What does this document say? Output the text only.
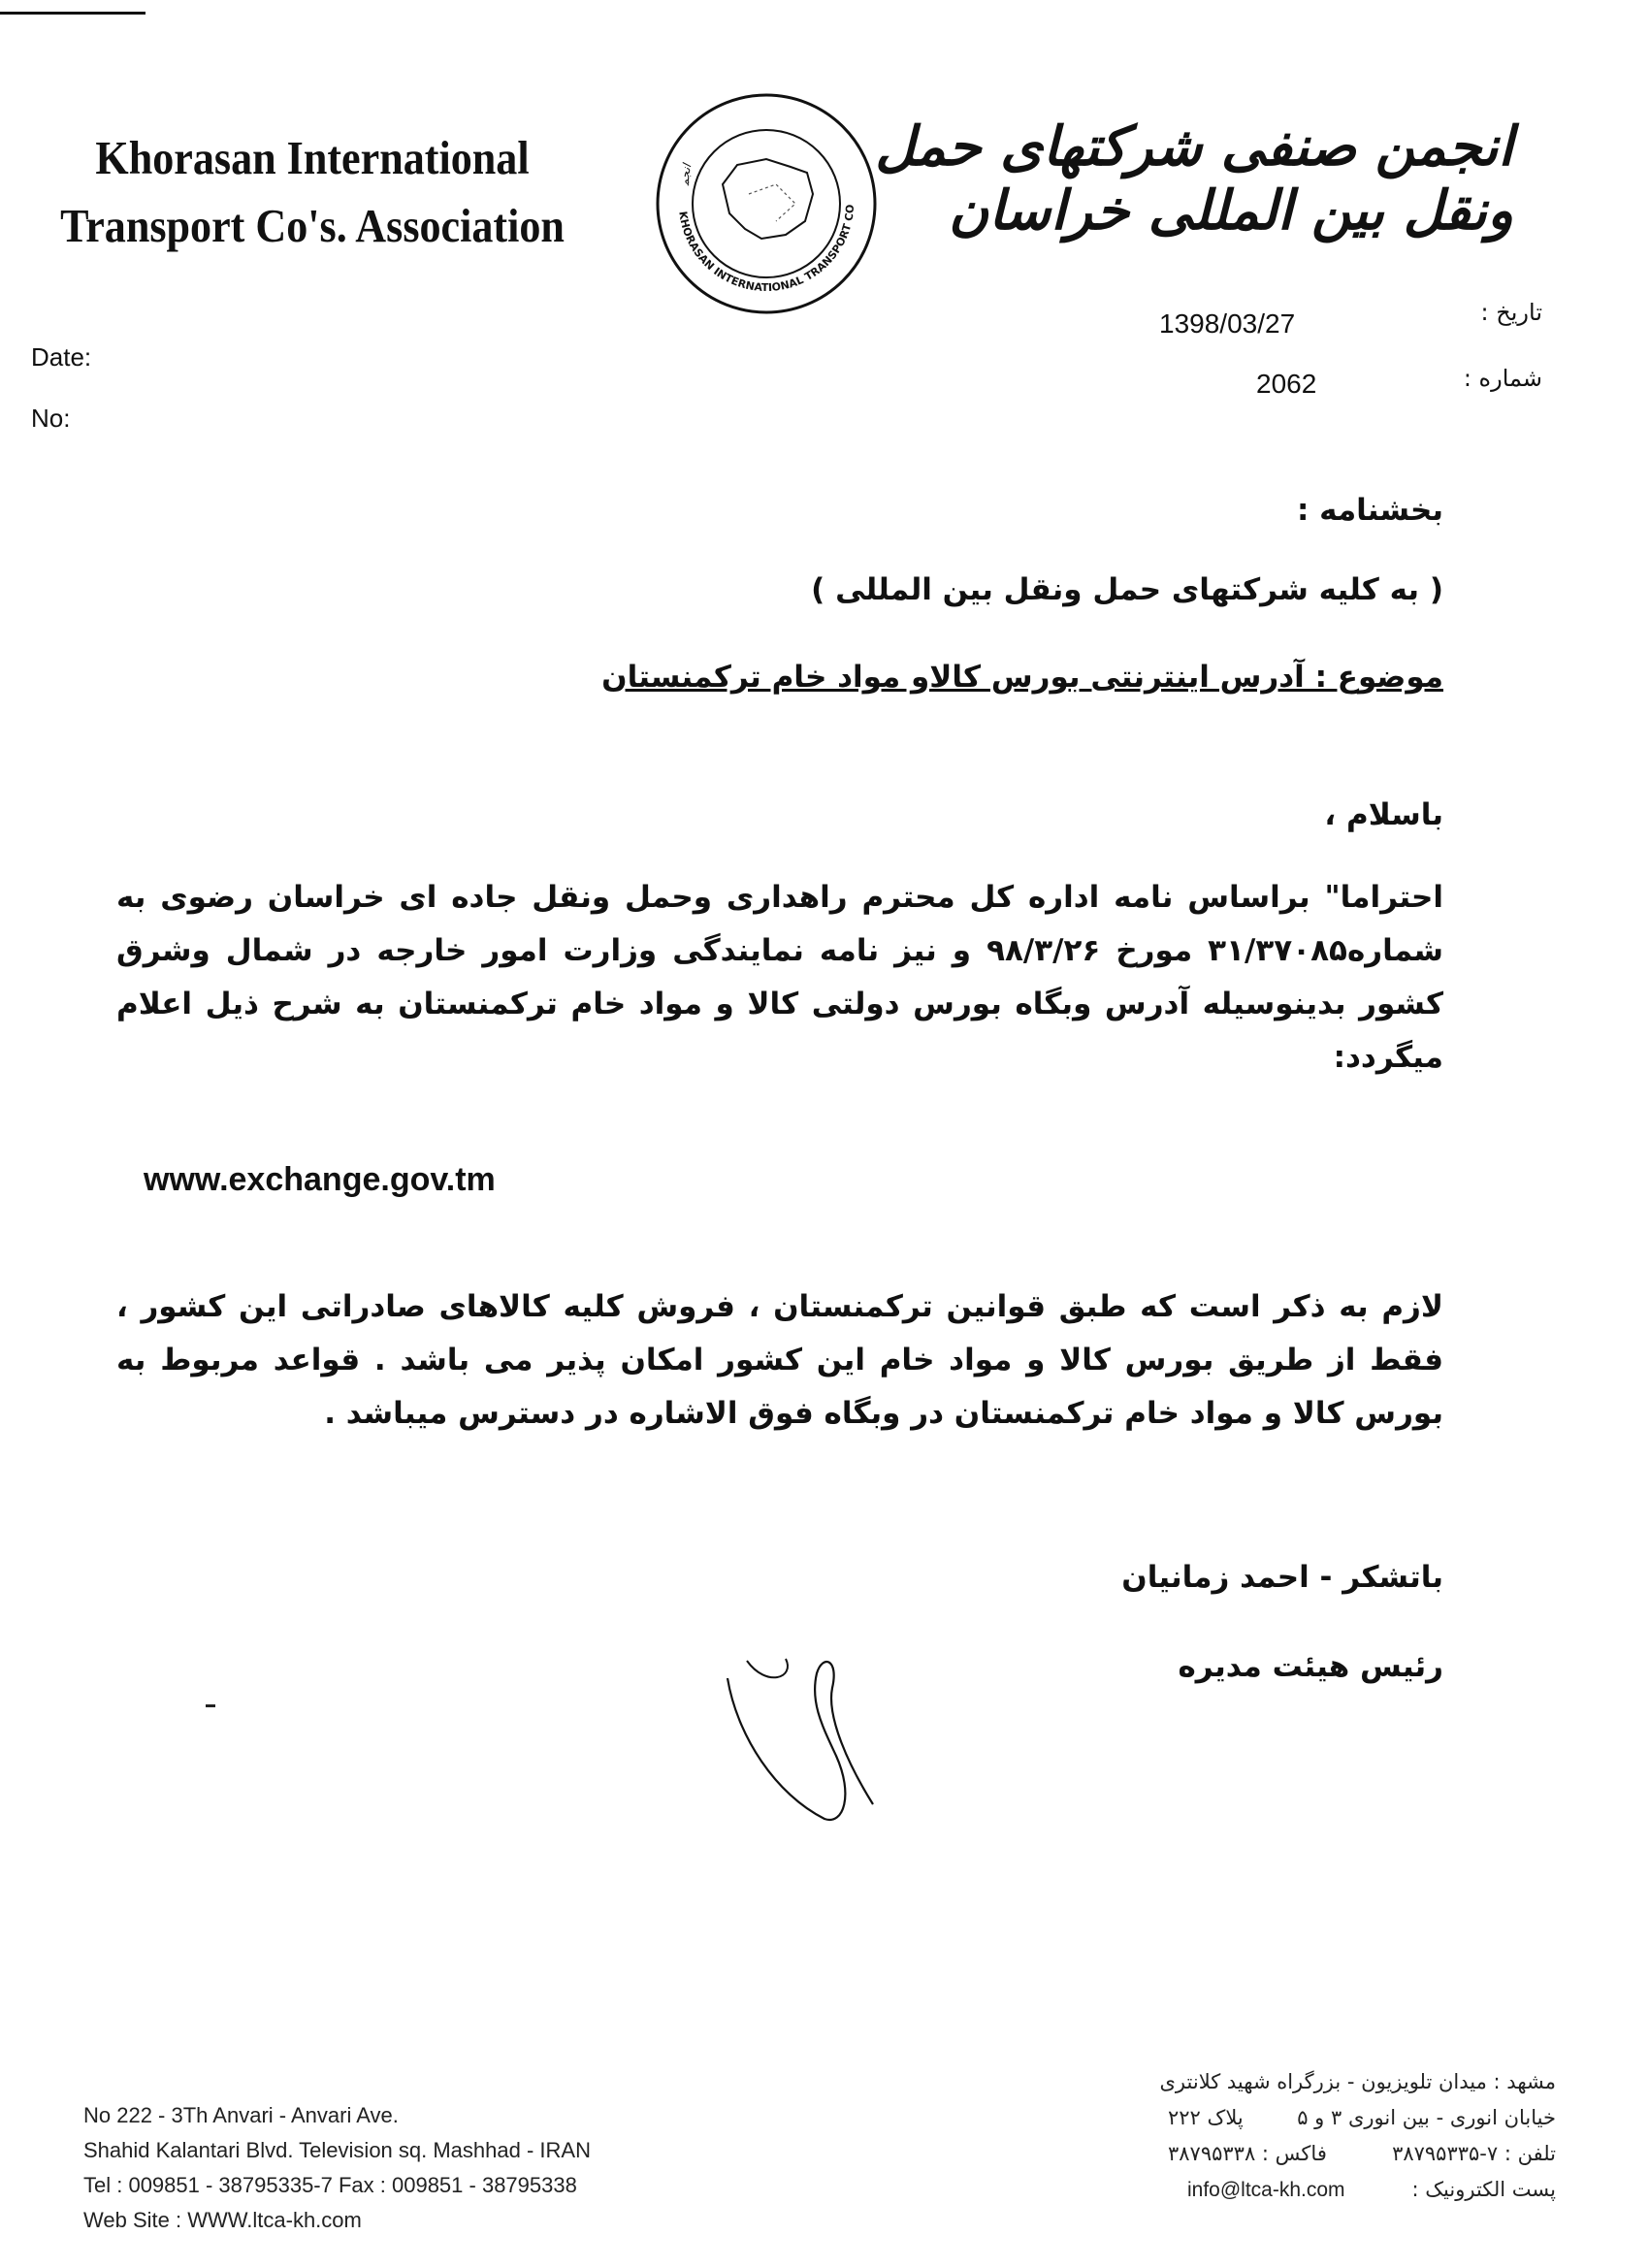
Khorasan International
Transport Co's. Association	KHORASAN INTERNATIONAL TRANSPORT CO
انجم
انجمن صنفی شرکتهای حمل ونقل بین المللی خراسان
Date:
No:
تاریخ :
شماره :
1398/03/27
2062
بخشنامه :
( به کلیه شرکتهای حمل ونقل بین المللی )
موضوع : آدرس اینترنتی بورس کالاو مواد خام ترکمنستان
باسلام ،
احتراما" براساس نامه اداره کل محترم راهداری وحمل ونقل جاده ای خراسان رضوی به شماره۳۱/۳۷۰۸۵ مورخ ۹۸/۳/۲۶ و نیز نامه نمایندگی وزارت امور خارجه در شمال وشرق کشور بدینوسیله آدرس وبگاه بورس دولتی کالا و مواد خام ترکمنستان به شرح ذیل اعلام میگردد:
www.exchange.gov.tm
لازم به ذکر است که طبق قوانین ترکمنستان ، فروش کلیه کالاهای صادراتی این کشور ، فقط از طریق بورس کالا و مواد خام این کشور امکان پذیر می باشد . قواعد مربوط به بورس کالا و مواد خام ترکمنستان در وبگاه فوق الاشاره در دسترس میباشد .
باتشکر - احمد زمانیان
رئیس هیئت مدیره
No 222 - 3Th Anvari - Anvari Ave.
Shahid Kalantari Blvd. Television sq. Mashhad - IRAN
Tel : 009851 - 38795335-7 Fax : 009851 - 38795338
Web Site : WWW.ltca-kh.com
مشهد : میدان تلویزیون - بزرگراه شهید کلانتری
خیابان انوری - بین انوری ۳ و ۵
پلاک ۲۲۲
تلفن : ۷-۳۸۷۹۵۳۳۵
فاکس : ۳۸۷۹۵۳۳۸
پست الکترونیک :
info@ltca-kh.com
